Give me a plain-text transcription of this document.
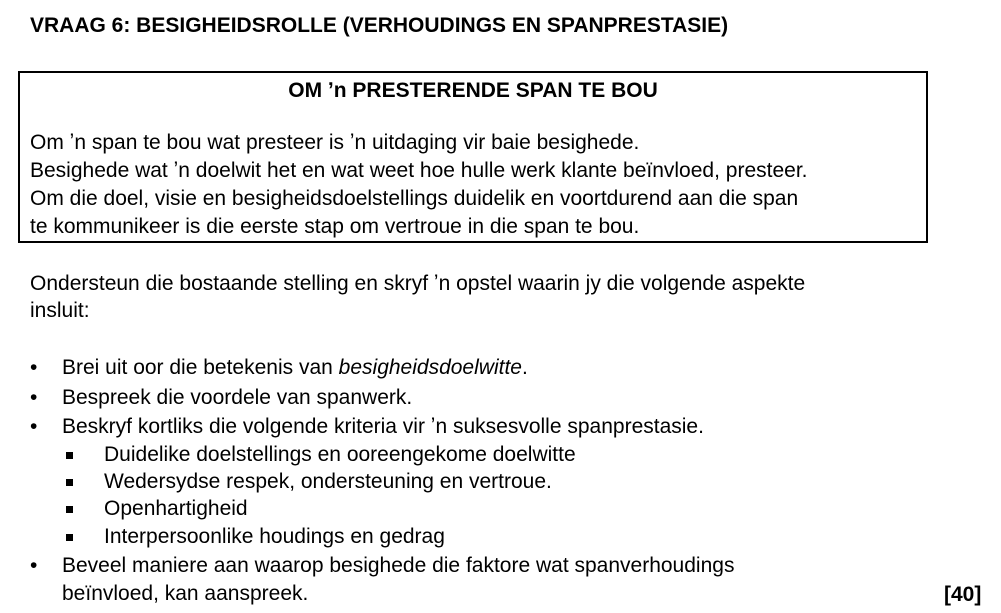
VRAAG 6: BESIGHEIDSROLLE (VERHOUDINGS EN SPANPRESTASIE)
OM ʼn PRESTERENDE SPAN TE BOU
Om ʼn span te bou wat presteer is ʼn uitdaging vir baie besighede.
Besighede wat ʼn doelwit het en wat weet hoe hulle werk klante beïnvloed, presteer.
Om die doel, visie en besigheidsdoelstellings duidelik en voortdurend aan die span
te kommunikeer is die eerste stap om vertroue in die span te bou.
Ondersteun die bostaande stelling en skryf ʼn opstel waarin jy die volgende aspekte
insluit:
•	Brei uit oor die betekenis van besigheidsdoelwitte.
•	Bespreek die voordele van spanwerk.
•	Beskryf kortliks die volgende kriteria vir ʼn suksesvolle spanprestasie.
Duidelike doelstellings en ooreengekome doelwitte
Wedersydse respek, ondersteuning en vertroue.
Openhartigheid
Interpersoonlike houdings en gedrag
•	Beveel maniere aan waarop besighede die faktore wat spanverhoudings
beïnvloed, kan aanspreek.	[40]
